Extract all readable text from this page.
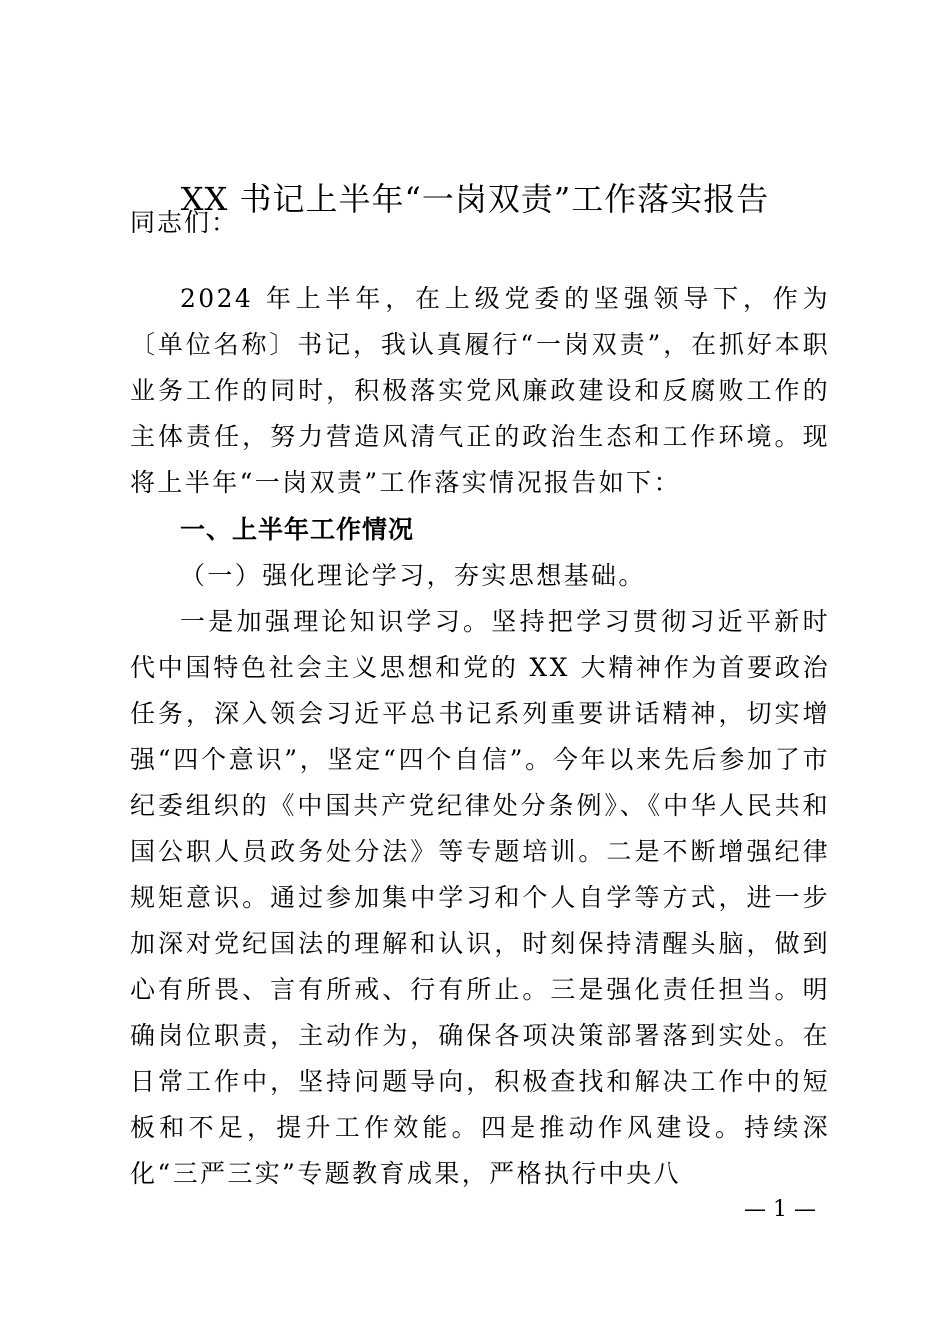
XX 书记上半年“一岗双责”工作落实报告
同志们：
2024 年上半年，在上级党委的坚强领导下，作为〔单位名称〕书记，我认真履行“一岗双责”，在抓好本职业务工作的同时，积极落实党风廉政建设和反腐败工作的主体责任，努力营造风清气正的政治生态和工作环境。现将上半年“一岗双责”工作落实情况报告如下：
一、上半年工作情况
（一）强化理论学习，夯实思想基础。
一是加强理论知识学习。坚持把学习贯彻习近平新时代中国特色社会主义思想和党的 XX 大精神作为首要政治任务，深入领会习近平总书记系列重要讲话精神，切实增强“四个意识”，坚定“四个自信”。今年以来先后参加了市纪委组织的《中国共产党纪律处分条例》、《中华人民共和国公职人员政务处分法》等专题培训。二是不断增强纪律规矩意识。通过参加集中学习和个人自学等方式，进一步加深对党纪国法的理解和认识，时刻保持清醒头脑，做到心有所畏、言有所戒、行有所止。三是强化责任担当。明确岗位职责，主动作为，确保各项决策部署落到实处。在日常工作中，坚持问题导向，积极查找和解决工作中的短板和不足，提升工作效能。四是推动作风建设。持续深化“三严三实”专题教育成果，严格执行中央八
— 1 —
